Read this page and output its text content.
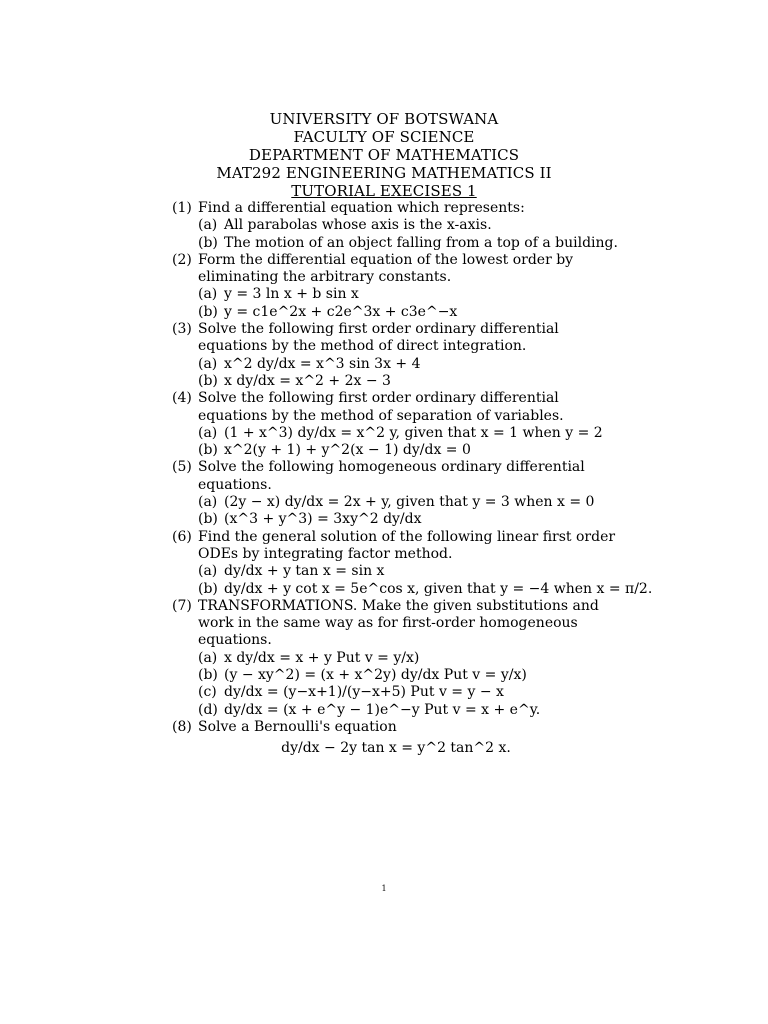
UNIVERSITY OF BOTSWANA
FACULTY OF SCIENCE
DEPARTMENT OF MATHEMATICS
MAT292 ENGINEERING MATHEMATICS II
TUTORIAL EXECISES 1
(1) Find a differential equation which represents:
(a) All parabolas whose axis is the x-axis.
(b) The motion of an object falling from a top of a building.
(2) Form the differential equation of the lowest order by eliminating the arbitrary constants.
(a) y = 3 ln x + b sin x
(b) y = c1e^2x + c2e^3x + c3e^−x
(3) Solve the following first order ordinary differential equations by the method of direct integration.
(a) x^2 dy/dx = x^3 sin 3x + 4
(b) x dy/dx = x^2 + 2x − 3
(4) Solve the following first order ordinary differential equations by the method of separation of variables.
(a) (1 + x^3) dy/dx = x^2 y, given that x = 1 when y = 2
(b) x^2(y + 1) + y^2(x − 1) dy/dx = 0
(5) Solve the following homogeneous ordinary differential equations.
(a) (2y − x) dy/dx = 2x + y, given that y = 3 when x = 0
(b) (x^3 + y^3) = 3xy^2 dy/dx
(6) Find the general solution of the following linear first order ODEs by integrating factor method.
(a) dy/dx + y tan x = sin x
(b) dy/dx + y cot x = 5e^cos x, given that y = −4 when x = π/2.
(7) TRANSFORMATIONS. Make the given substitutions and work in the same way as for first-order homogeneous equations.
(a) x dy/dx = x + y Put v = y/x)
(b) (y − xy^2) = (x + x^2y) dy/dx Put v = y/x)
(c) dy/dx = (y−x+1)/(y−x+5) Put v = y − x
(d) dy/dx = (x + e^y − 1)e^−y Put v = x + e^y.
(8) Solve a Bernoulli's equation
dy/dx − 2y tan x = y^2 tan^2 x.
1
